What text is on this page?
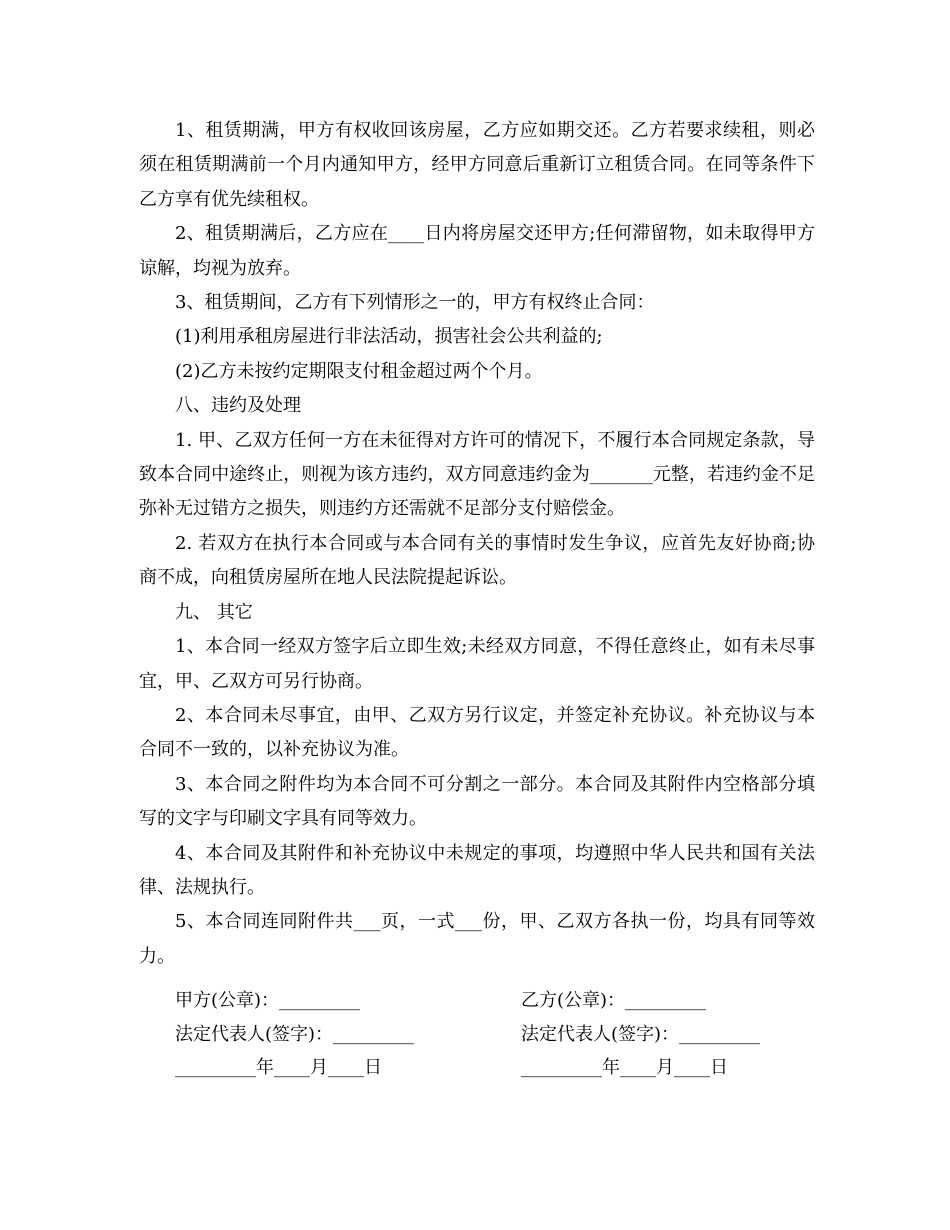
1、租赁期满，甲方有权收回该房屋，乙方应如期交还。乙方若要求续租，则必须在租赁期满前一个月内通知甲方，经甲方同意后重新订立租赁合同。在同等条件下乙方享有优先续租权。

2、租赁期满后，乙方应在____日内将房屋交还甲方;任何滞留物，如未取得甲方谅解，均视为放弃。

3、租赁期间，乙方有下列情形之一的，甲方有权终止合同：

(1)利用承租房屋进行非法活动，损害社会公共利益的;

(2)乙方未按约定期限支付租金超过两个个月。

八、违约及处理

1. 甲、乙双方任何一方在未征得对方许可的情况下，不履行本合同规定条款，导致本合同中途终止，则视为该方违约，双方同意违约金为_______元整，若违约金不足弥补无过错方之损失，则违约方还需就不足部分支付赔偿金。

2. 若双方在执行本合同或与本合同有关的事情时发生争议，应首先友好协商;协商不成，向租赁房屋所在地人民法院提起诉讼。

九、 其它

1、本合同一经双方签字后立即生效;未经双方同意，不得任意终止，如有未尽事宜，甲、乙双方可另行协商。

2、本合同未尽事宜，由甲、乙双方另行议定，并签定补充协议。补充协议与本合同不一致的，以补充协议为准。

3、本合同之附件均为本合同不可分割之一部分。本合同及其附件内空格部分填写的文字与印刷文字具有同等效力。

4、本合同及其附件和补充协议中未规定的事项，均遵照中华人民共和国有关法律、法规执行。

5、本合同连同附件共___页，一式___份，甲、乙双方各执一份，均具有同等效力。

甲方(公章)：_________	乙方(公章)：_________
法定代表人(签字)：_________	法定代表人(签字)：_________
_________年____月____日	_________年____月____日
